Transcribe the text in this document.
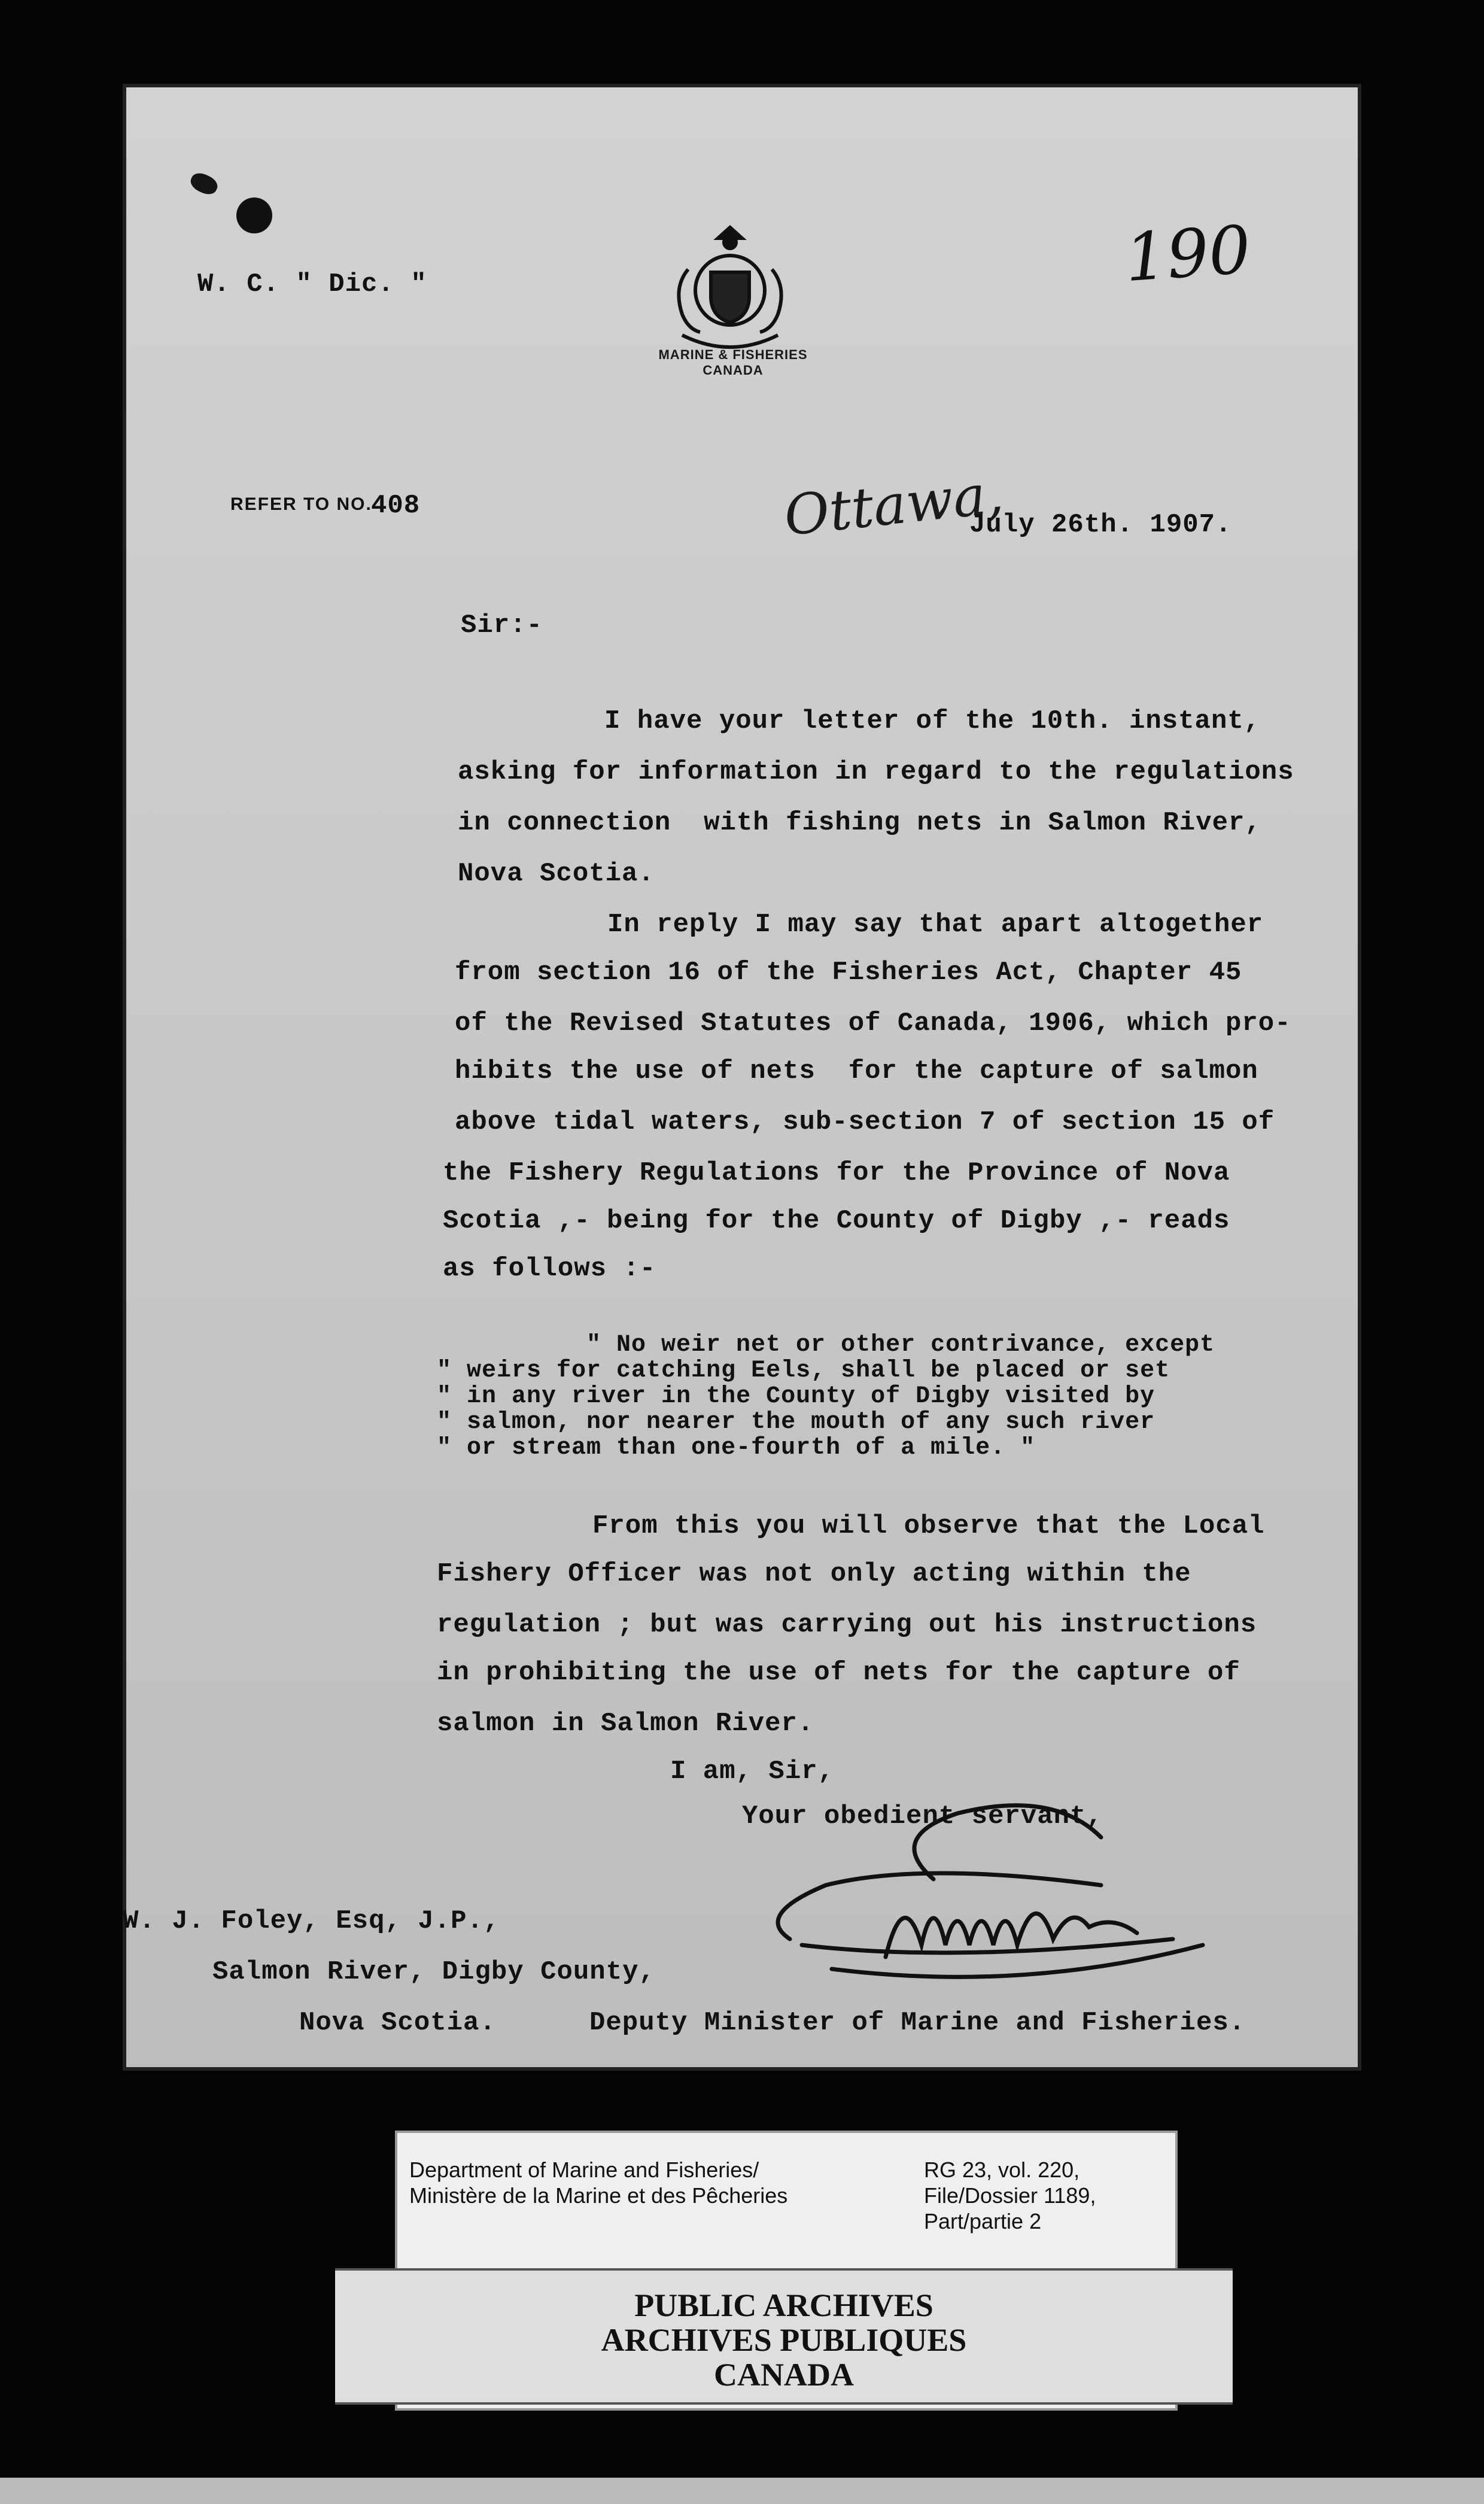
W. C. " Dic. "
MARINE & FISHERIES
CANADA
190
REFER TO NO.
408	Ottawa,
July 26th. 1907.
Sir:-
I have your letter of the 10th. instant,
asking for information in regard to the regulations
in connection  with fishing nets in Salmon River,
Nova Scotia.
In reply I may say that apart altogether
from section 16 of the Fisheries Act, Chapter 45
of the Revised Statutes of Canada, 1906, which pro-
hibits the use of nets  for the capture of salmon
above tidal waters, sub-section 7 of section 15 of
the Fishery Regulations for the Province of Nova
Scotia ,- being for the County of Digby ,- reads
as follows :-
" No weir net or other contrivance, except
" weirs for catching Eels, shall be placed or set
" in any river in the County of Digby visited by
" salmon, nor nearer the mouth of any such river
" or stream than one-fourth of a mile. "
From this you will observe that the Local
Fishery Officer was not only acting within the
regulation ; but was carrying out his instructions
in prohibiting the use of nets for the capture of
salmon in Salmon River.
I am, Sir,
Your obedient servant,
W. J. Foley, Esq, J.P.,
Salmon River, Digby County,
Nova Scotia.	Deputy Minister of Marine and Fisheries.
Department of Marine and Fisheries/
Ministère de la Marine et des Pêcheries
RG 23, vol. 220,
File/Dossier 1189,
Part/partie 2
PUBLIC ARCHIVES
ARCHIVES PUBLIQUES
CANADA
